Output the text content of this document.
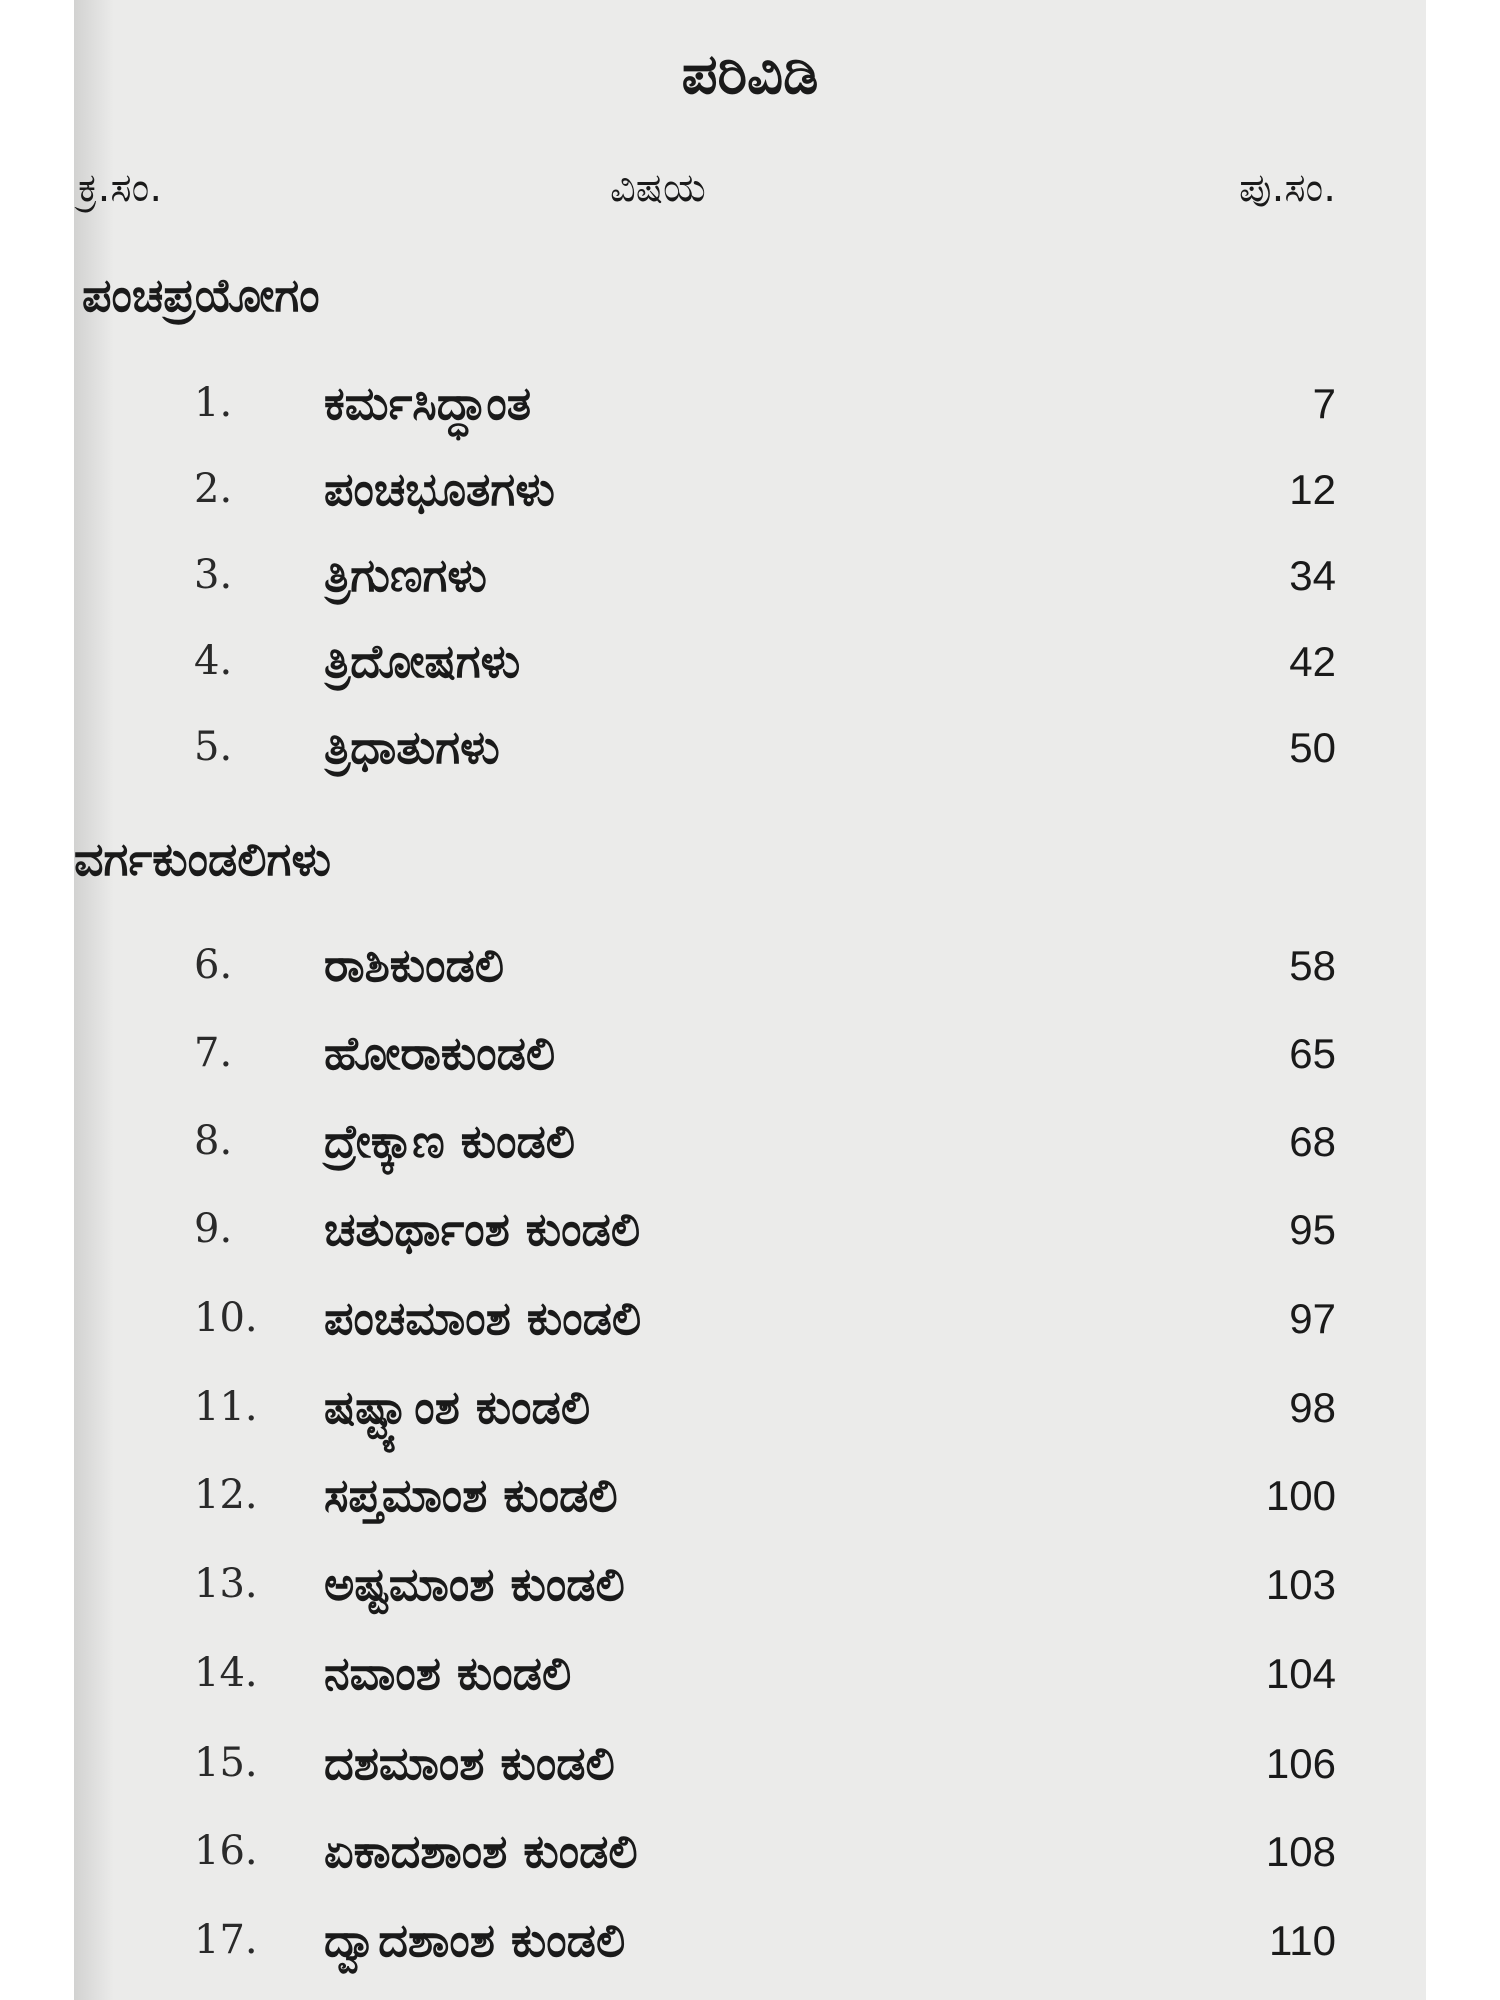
ಪರಿವಿಡಿ
ಕ್ರ.ಸಂ.	ವಿಷಯ	ಪು.ಸಂ.
ಪಂಚಪ್ರಯೋಗಂ
1.	ಕರ್ಮಸಿದ್ಧಾಂತ	7
2.	ಪಂಚಭೂತಗಳು	12
3.	ತ್ರಿಗುಣಗಳು	34
4.	ತ್ರಿದೋಷಗಳು	42
5.	ತ್ರಿಧಾತುಗಳು	50
ವರ್ಗಕುಂಡಲಿಗಳು
6.	ರಾಶಿಕುಂಡಲಿ	58
7.	ಹೋರಾಕುಂಡಲಿ	65
8.	ದ್ರೇಕ್ಕಾಣ ಕುಂಡಲಿ	68
9.	ಚತುರ್ಥಾಂಶ ಕುಂಡಲಿ	95
10.	ಪಂಚಮಾಂಶ ಕುಂಡಲಿ	97
11.	ಷಷ್ಟ್ಯಾಂಶ ಕುಂಡಲಿ	98
12.	ಸಪ್ತಮಾಂಶ ಕುಂಡಲಿ	100
13.	ಅಷ್ಟಮಾಂಶ ಕುಂಡಲಿ	103
14.	ನವಾಂಶ ಕುಂಡಲಿ	104
15.	ದಶಮಾಂಶ ಕುಂಡಲಿ	106
16.	ಏಕಾದಶಾಂಶ ಕುಂಡಲಿ	108
17.	ದ್ವಾದಶಾಂಶ ಕುಂಡಲಿ	110
